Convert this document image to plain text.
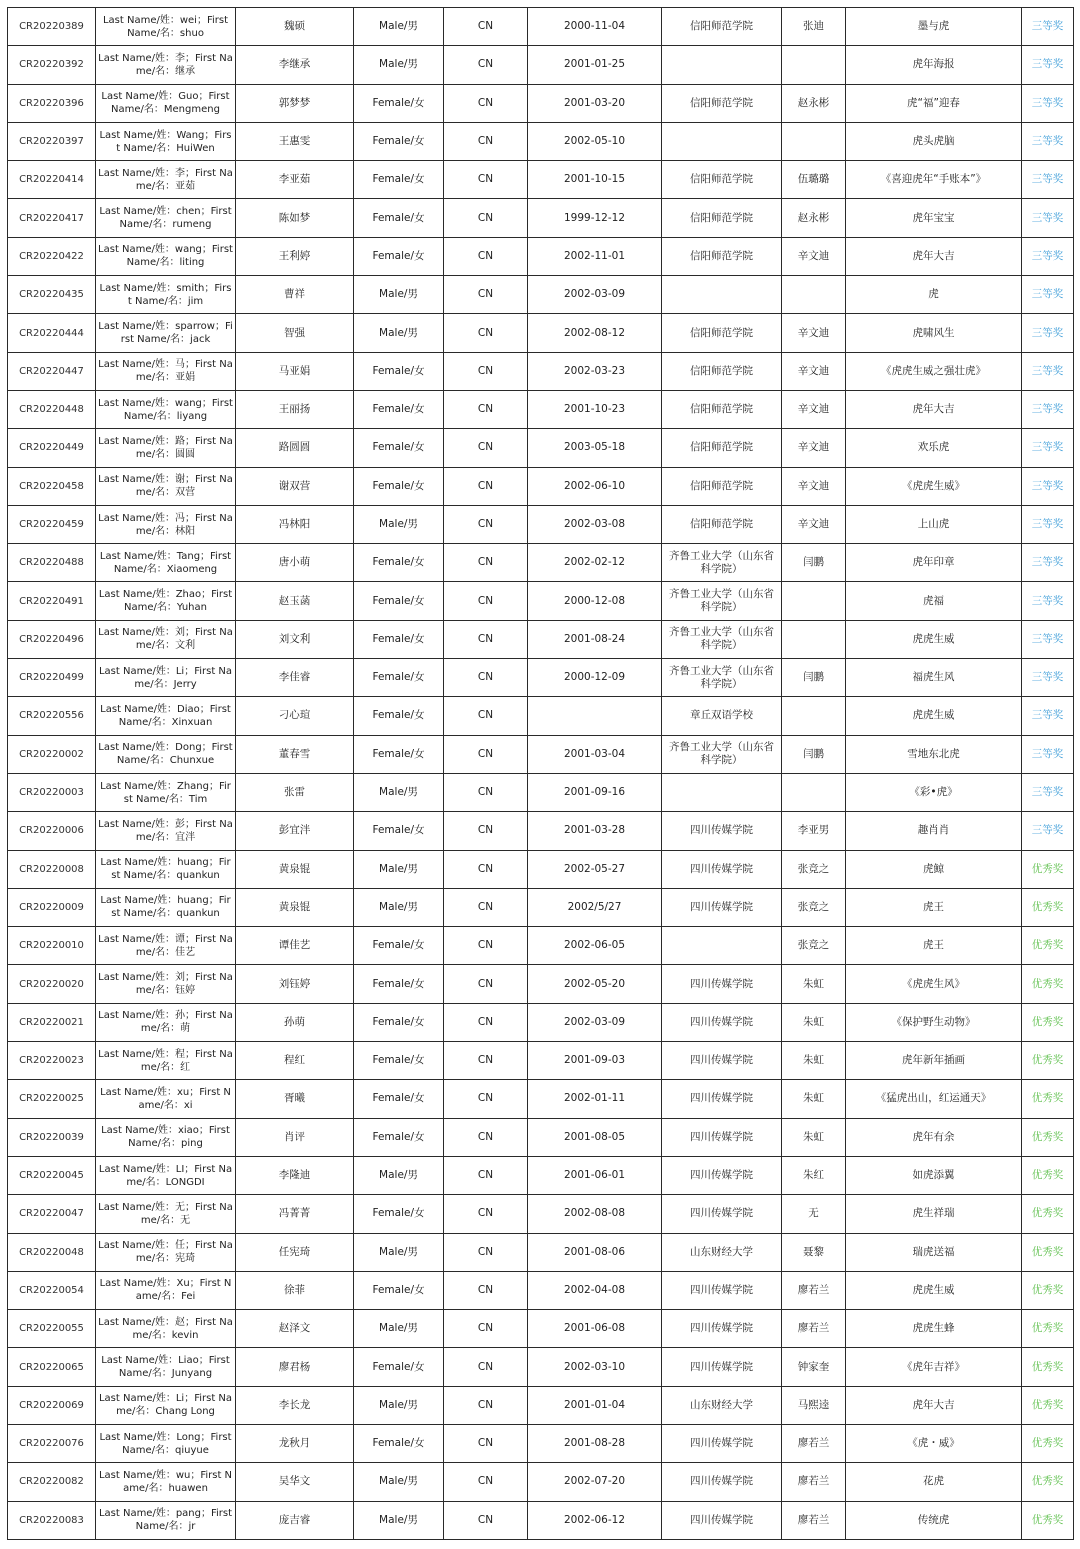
CR20220389	Last Name/姓：wei；First Name/名：shuo	魏硕	Male/男	CN	2000-11-04	信阳师范学院	张迪	墨与虎	三等奖
CR20220392	Last Name/姓：李；First Name/名：继承	李继承	Male/男	CN	2001-01-25			虎年海报	三等奖
CR20220396	Last Name/姓：Guo；First Name/名：Mengmeng	郭梦梦	Female/女	CN	2001-03-20	信阳师范学院	赵永彬	虎“福”迎春	三等奖
CR20220397	Last Name/姓：Wang；First Name/名：HuiWen	王惠雯	Female/女	CN	2002-05-10			虎头虎脑	三等奖
CR20220414	Last Name/姓：李；First Name/名：亚茹	李亚茹	Female/女	CN	2001-10-15	信阳师范学院	伍璐璐	《喜迎虎年“手账本”》	三等奖
CR20220417	Last Name/姓：chen；First Name/名：rumeng	陈如梦	Female/女	CN	1999-12-12	信阳师范学院	赵永彬	虎年宝宝	三等奖
CR20220422	Last Name/姓：wang；First Name/名：liting	王利婷	Female/女	CN	2002-11-01	信阳师范学院	辛文迪	虎年大吉	三等奖
CR20220435	Last Name/姓：smith；First Name/名：jim	曹祥	Male/男	CN	2002-03-09			虎	三等奖
CR20220444	Last Name/姓：sparrow；First Name/名：jack	智强	Male/男	CN	2002-08-12	信阳师范学院	辛文迪	虎啸风生	三等奖
CR20220447	Last Name/姓：马；First Name/名：亚娟	马亚娟	Female/女	CN	2002-03-23	信阳师范学院	辛文迪	《虎虎生威之强壮虎》	三等奖
CR20220448	Last Name/姓：wang；First Name/名：liyang	王丽扬	Female/女	CN	2001-10-23	信阳师范学院	辛文迪	虎年大吉	三等奖
CR20220449	Last Name/姓：路；First Name/名：圆圆	路圆圆	Female/女	CN	2003-05-18	信阳师范学院	辛文迪	欢乐虎	三等奖
CR20220458	Last Name/姓：谢；First Name/名：双营	谢双营	Female/女	CN	2002-06-10	信阳师范学院	辛文迪	《虎虎生威》	三等奖
CR20220459	Last Name/姓：冯；First Name/名：林阳	冯林阳	Male/男	CN	2002-03-08	信阳师范学院	辛文迪	上山虎	三等奖
CR20220488	Last Name/姓：Tang；First Name/名：Xiaomeng	唐小萌	Female/女	CN	2002-02-12	齐鲁工业大学（山东省科学院）	闫鹏	虎年印章	三等奖
CR20220491	Last Name/姓：Zhao；First Name/名：Yuhan	赵玉菡	Female/女	CN	2000-12-08	齐鲁工业大学（山东省科学院）		虎福	三等奖
CR20220496	Last Name/姓：刘；First Name/名：文利	刘文利	Female/女	CN	2001-08-24	齐鲁工业大学（山东省科学院）		虎虎生威	三等奖
CR20220499	Last Name/姓：Li；First Name/名：Jerry	李佳睿	Female/女	CN	2000-12-09	齐鲁工业大学（山东省科学院）	闫鹏	福虎生风	三等奖
CR20220556	Last Name/姓：Diao；First Name/名：Xinxuan	刁心瑄	Female/女	CN		章丘双语学校		虎虎生威	三等奖
CR20220002	Last Name/姓：Dong；First Name/名：Chunxue	董春雪	Female/女	CN	2001-03-04	齐鲁工业大学（山东省科学院）	闫鹏	雪地东北虎	三等奖
CR20220003	Last Name/姓：Zhang；First Name/名：Tim	张雷	Male/男	CN	2001-09-16			《彩•虎》	三等奖
CR20220006	Last Name/姓：彭；First Name/名：宜泮	彭宜泮	Female/女	CN	2001-03-28	四川传媒学院	李亚男	趣肖肖	三等奖
CR20220008	Last Name/姓：huang；First Name/名：quankun	黄泉锟	Male/男	CN	2002-05-27	四川传媒学院	张竞之	虎鲸	优秀奖
CR20220009	Last Name/姓：huang；First Name/名：quankun	黄泉锟	Male/男	CN	2002/5/27	四川传媒学院	张竞之	虎王	优秀奖
CR20220010	Last Name/姓：谭；First Name/名：佳艺	谭佳艺	Female/女	CN	2002-06-05		张竞之	虎王	优秀奖
CR20220020	Last Name/姓：刘；First Name/名：钰婷	刘钰婷	Female/女	CN	2002-05-20	四川传媒学院	朱虹	《虎虎生风》	优秀奖
CR20220021	Last Name/姓：孙；First Name/名：萌	孙萌	Female/女	CN	2002-03-09	四川传媒学院	朱虹	《保护野生动物》	优秀奖
CR20220023	Last Name/姓：程；First Name/名：红	程红	Female/女	CN	2001-09-03	四川传媒学院	朱虹	虎年新年插画	优秀奖
CR20220025	Last Name/姓：xu；First Name/名：xi	胥曦	Female/女	CN	2002-01-11	四川传媒学院	朱虹	《猛虎出山，红运通天》	优秀奖
CR20220039	Last Name/姓：xiao；First Name/名：ping	肖评	Female/女	CN	2001-08-05	四川传媒学院	朱虹	虎年有余	优秀奖
CR20220045	Last Name/姓：LI；First Name/名：LONGDI	李隆迪	Male/男	CN	2001-06-01	四川传媒学院	朱红	如虎添翼	优秀奖
CR20220047	Last Name/姓：无；First Name/名：无	冯菁菁	Female/女	CN	2002-08-08	四川传媒学院	无	虎生祥瑞	优秀奖
CR20220048	Last Name/姓：任；First Name/名：宪琦	任宪琦	Male/男	CN	2001-08-06	山东财经大学	聂黎	瑞虎送福	优秀奖
CR20220054	Last Name/姓：Xu；First Name/名：Fei	徐菲	Female/女	CN	2002-04-08	四川传媒学院	廖若兰	虎虎生威	优秀奖
CR20220055	Last Name/姓：赵；First Name/名：kevin	赵泽文	Male/男	CN	2001-06-08	四川传媒学院	廖若兰	虎虎生蜂	优秀奖
CR20220065	Last Name/姓：Liao；First Name/名：Junyang	廖君杨	Female/女	CN	2002-03-10	四川传媒学院	钟家奎	《虎年吉祥》	优秀奖
CR20220069	Last Name/姓：Li；First Name/名：Chang Long	李长龙	Male/男	CN	2001-01-04	山东财经大学	马熙逵	虎年大吉	优秀奖
CR20220076	Last Name/姓：Long；First Name/名：qiuyue	龙秋月	Female/女	CN	2001-08-28	四川传媒学院	廖若兰	《虎・威》	优秀奖
CR20220082	Last Name/姓：wu；First Name/名：huawen	吴华文	Male/男	CN	2002-07-20	四川传媒学院	廖若兰	花虎	优秀奖
CR20220083	Last Name/姓：pang；First Name/名：jr	庞吉睿	Male/男	CN	2002-06-12	四川传媒学院	廖若兰	传统虎	优秀奖
